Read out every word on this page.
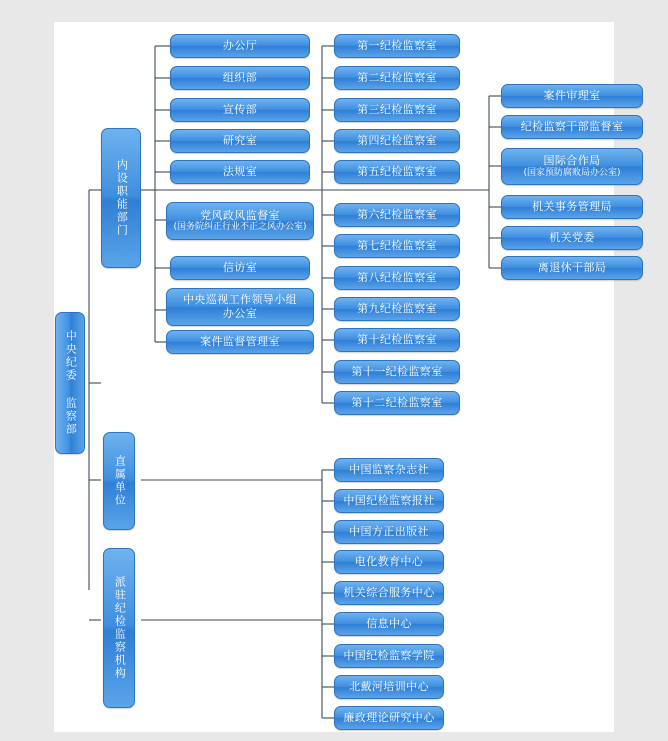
中央纪委 监察部
内设职能部门
直属单位
派驻纪检监察机构
办公厅
组织部
宣传部
研究室
法规室
党风政风监督室
(国务院纠正行业不正之风办公室)
信访室
中央巡视工作领导小组办公室
案件监督管理室
第一纪检监察室
第二纪检监察室
第三纪检监察室
第四纪检监察室
第五纪检监察室
第六纪检监察室
第七纪检监察室
第八纪检监察室
第九纪检监察室
第十纪检监察室
第十一纪检监察室
第十二纪检监察室
案件审理室
纪检监察干部监督室
国际合作局
(国家预防腐败局办公室)
机关事务管理局
机关党委
离退休干部局
中国监察杂志社
中国纪检监察报社
中国方正出版社
电化教育中心
机关综合服务中心
信息中心
中国纪检监察学院
北戴河培训中心
廉政理论研究中心
